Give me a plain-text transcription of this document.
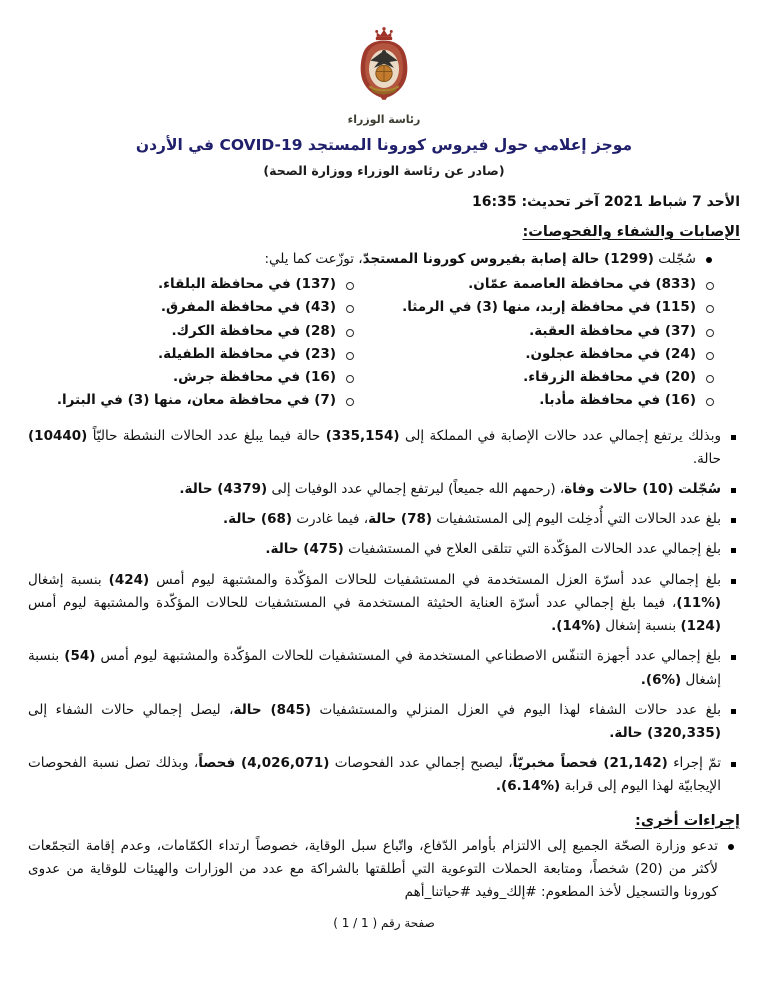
رئاسة الوزراء
موجز إعلامي حول فيروس كورونا المستجد COVID-19 في الأردن
(صادر عن رئاسة الوزراء ووزارة الصحة)
الأحد 7 شباط 2021 آخر تحديث: 16:35
الإصابات والشفاء والفحوصات:
سُجّلت (1299) حالة إصابة بفيروس كورونا المستجدّ، توزّعت كما يلي:
(833) في محافظة العاصمة عمّان.
(115) في محافظة إربد، منها (3) في الرمثا.
(37) في محافظة العقبة.
(24) في محافظة عجلون.
(20) في محافظة الزرقاء.
(16) في محافظة مأدبا.
(137) في محافظة البلقاء.
(43) في محافظة المفرق.
(28) في محافظة الكرك.
(23) في محافظة الطفيلة.
(16) في محافظة جرش.
(7) في محافظة معان، منها (3) في البترا.
وبذلك يرتفع إجمالي عدد حالات الإصابة في المملكة إلى (335,154) حالة فيما يبلغ عدد الحالات النشطة حاليّاً (10440) حالة.
سُجّلت (10) حالات وفاة، (رحمهم الله جميعاً) ليرتفع إجمالي عدد الوفيات إلى (4379) حالة.
بلغ عدد الحالات التي أُدخِلت اليوم إلى المستشفيات (78) حالة، فيما غادرت (68) حالة.
بلغ إجمالي عدد الحالات المؤكّدة التي تتلقى العلاج في المستشفيات (475) حالة.
بلغ إجمالي عدد أسرّة العزل المستخدمة في المستشفيات للحالات المؤكّدة والمشتبهة ليوم أمس (424) بنسبة إشغال (%11)، فيما بلغ إجمالي عدد أسرّة العناية الحثيثة المستخدمة في المستشفيات للحالات المؤكّدة والمشتبهة ليوم أمس (124) بنسبة إشغال (%14).
بلغ إجمالي عدد أجهزة التنفّس الاصطناعي المستخدمة في المستشفيات للحالات المؤكّدة والمشتبهة ليوم أمس (54) بنسبة إشغال (%6).
بلغ عدد حالات الشفاء لهذا اليوم في العزل المنزلي والمستشفيات (845) حالة، ليصل إجمالي حالات الشفاء إلى (320,335) حالة.
تمّ إجراء (21,142) فحصاً مخبريّاً، ليصبح إجمالي عدد الفحوصات (4,026,071) فحصاً، وبذلك تصل نسبة الفحوصات الإيجابيّة لهذا اليوم إلى قرابة (%6.14).
إجراءات أخرى:
تدعو وزارة الصحّة الجميع إلى الالتزام بأوامر الدّفاع، واتّباع سبل الوقاية، خصوصاً ارتداء الكمّامات، وعدم إقامة التجمّعات لأكثر من (20) شخصاً، ومتابعة الحملات التوعوية التي أطلقتها بالشراكة مع عدد من الوزارات والهيئات للوقاية من عدوى كورونا والتسجيل لأخذ المطعوم: #إلك_وفيد #حياتنا_أهم
صفحة رقم ( 1 / 1 )
